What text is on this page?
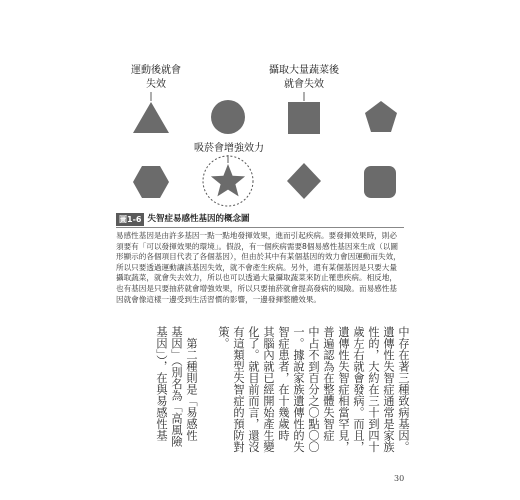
運動後就會
失效
攝取大量蔬菜後
就會失效
吸菸會增強效力
圖1-6 失智症易感性基因的概念圖

易感性基因是由許多基因一點一點地發揮效果，進而引起疾病。要發揮效果時，則必須要有「可以發揮效果的環境」。假設，有一個疾病需要8個易感性基因來生成（以圖形顯示的各個項目代表了各個基因），但由於其中有某個基因的效力會因運動而失效，所以只要透過運動讓該基因失效，就不會產生疾病。另外，還有某個基因是只要大量攝取蔬菜，就會失去效力，所以也可以透過大量攝取蔬菜來防止罹患疾病。相反地，也有基因是只要抽菸就會增強效果，所以只要抽菸就會提高發病的風險。而易感性基因就會像這樣一邊受到生活習慣的影響，一邊發揮整體效果。

中存在著三種致病基因。
遺傳性失智症通常是家族
性的，大約在三十到四十
歲左右就會發病。而且，
遺傳性失智症相當罕見，
普遍認為在整體失智症
中占不到百分之〇點〇〇
一。據說家族遺傳性的失
智症患者，在十幾歲時
其腦內就已經開始產生變
化了。就目前而言，還沒
有這類型失智症的預防對
策。
　第二種則是「易感性
基因」（別名為「高風險
基因」），在與易感性基
30
